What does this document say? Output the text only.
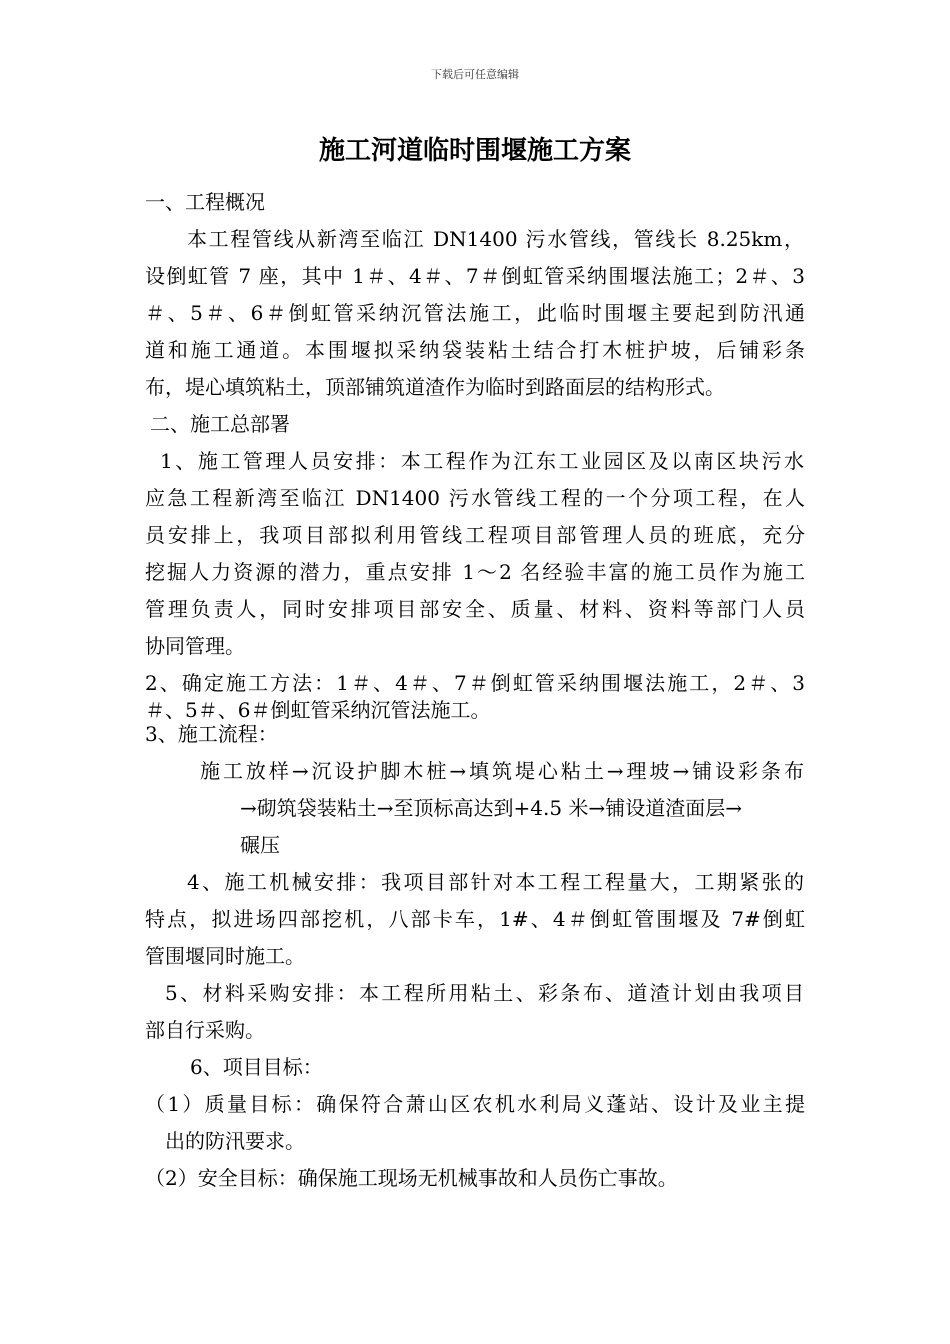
下载后可任意编辑

施工河道临时围堰施工方案

一、工程概况

本工程管线从新湾至临江 DN1400 污水管线，管线长 8.25km，

设倒虹管 7 座，其中 1＃、4＃、7＃倒虹管采纳围堰法施工；2＃、3

＃、5＃、6＃倒虹管采纳沉管法施工，此临时围堰主要起到防汛通

道和施工通道。本围堰拟采纳袋装粘土结合打木桩护坡，后铺彩条

布，堤心填筑粘土，顶部铺筑道渣作为临时到路面层的结构形式。

二、施工总部署

1、施工管理人员安排：本工程作为江东工业园区及以南区块污水

应急工程新湾至临江 DN1400 污水管线工程的一个分项工程，在人

员安排上，我项目部拟利用管线工程项目部管理人员的班底，充分

挖掘人力资源的潜力，重点安排 1～2 名经验丰富的施工员作为施工

管理负责人，同时安排项目部安全、质量、材料、资料等部门人员

协同管理。

2、确定施工方法：1＃、4＃、7＃倒虹管采纳围堰法施工，2＃、3

＃、5＃、6＃倒虹管采纳沉管法施工。

3、施工流程：

施工放样→沉设护脚木桩→填筑堤心粘土→理坡→铺设彩条布

→砌筑袋装粘土→至顶标高达到+4.5 米→铺设道渣面层→

碾压

4、施工机械安排：我项目部针对本工程工程量大，工期紧张的

特点，拟进场四部挖机，八部卡车，1#、4＃倒虹管围堰及 7#倒虹

管围堰同时施工。

5、材料采购安排：本工程所用粘土、彩条布、道渣计划由我项目

部自行采购。

6、项目目标：

（1）质量目标：确保符合萧山区农机水利局义蓬站、设计及业主提

出的防汛要求。

（2）安全目标：确保施工现场无机械事故和人员伤亡事故。
